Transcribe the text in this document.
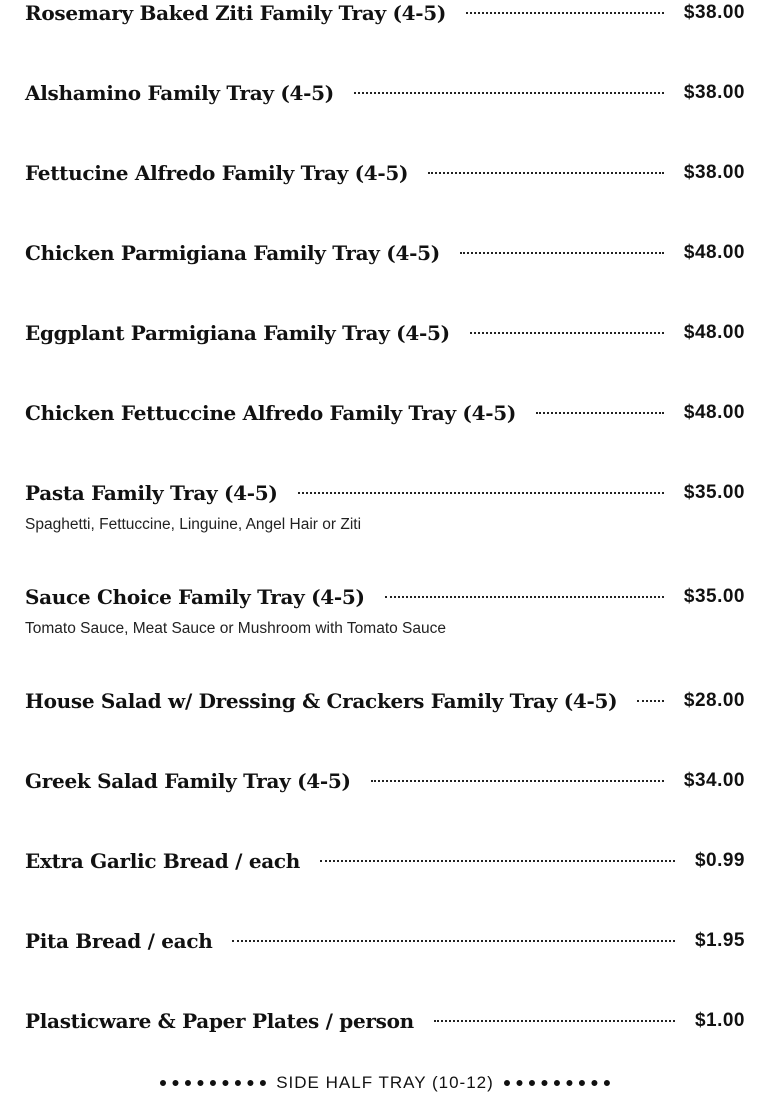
Rosemary Baked Ziti Family Tray (4-5)	$38.00
Alshamino Family Tray (4-5)	$38.00
Fettucine Alfredo Family Tray (4-5)	$38.00
Chicken Parmigiana Family Tray (4-5)	$48.00
Eggplant Parmigiana Family Tray (4-5)	$48.00
Chicken Fettuccine Alfredo Family Tray (4-5)	$48.00
Pasta Family Tray (4-5)	$35.00
Spaghetti, Fettuccine, Linguine, Angel Hair or Ziti
Sauce Choice Family Tray (4-5)	$35.00
Tomato Sauce, Meat Sauce or Mushroom with Tomato Sauce
House Salad w/ Dressing & Crackers Family Tray (4-5)	$28.00
Greek Salad Family Tray (4-5)	$34.00
Extra Garlic Bread / each	$0.99
Pita Bread / each	$1.95
Plasticware & Paper Plates / person	$1.00
SIDE HALF TRAY (10-12)
